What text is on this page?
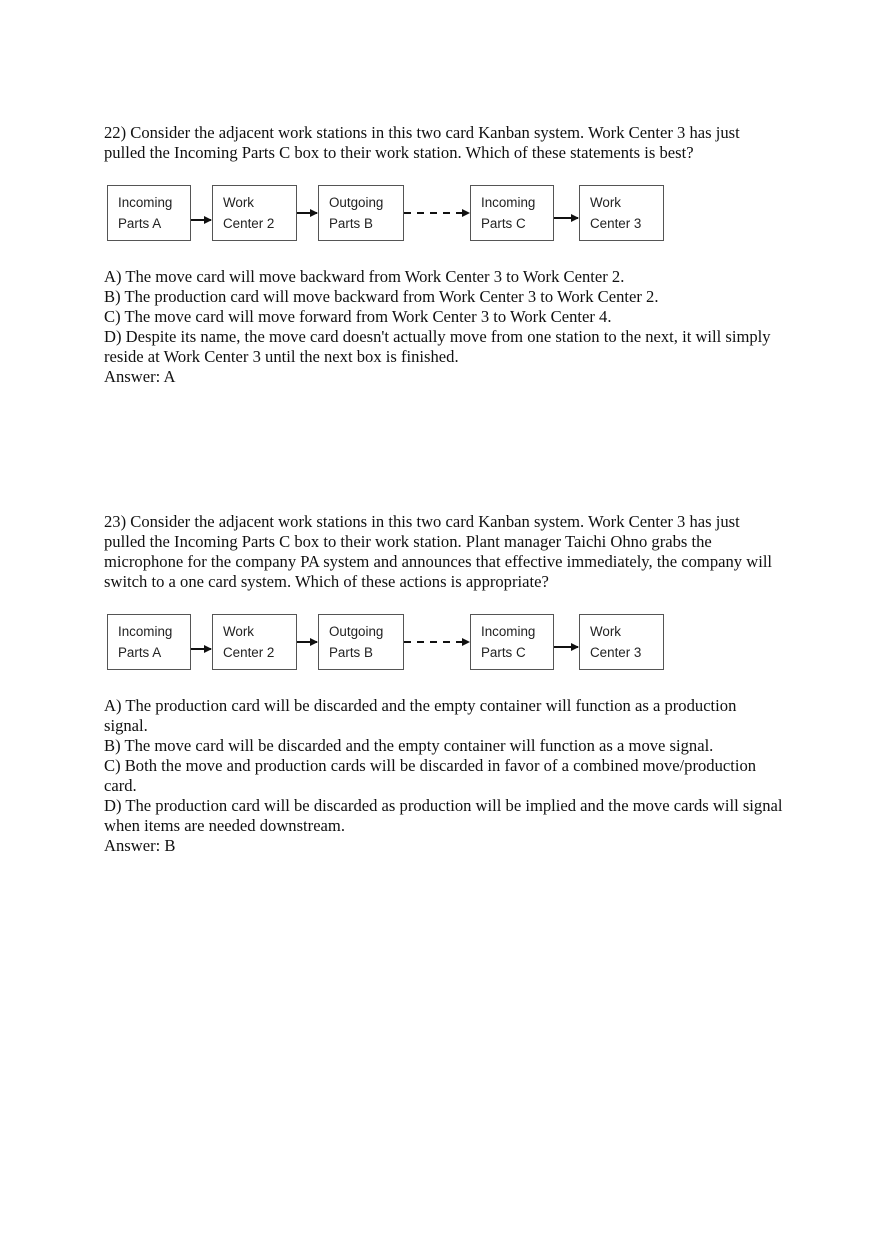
22) Consider the adjacent work stations in this two card Kanban system. Work Center 3 has just pulled the Incoming Parts C box to their work station. Which of these statements is best?

Incoming
Parts A
Work
Center 2
Outgoing
Parts B
Incoming
Parts C
Work
Center 3

A) The move card will move backward from Work Center 3 to Work Center 2.

B) The production card will move backward from Work Center 3 to Work Center 2.

C) The move card will move forward from Work Center 3 to Work Center 4.

D) Despite its name, the move card doesn't actually move from one station to the next, it will simply reside at Work Center 3 until the next box is finished.

Answer: A

23) Consider the adjacent work stations in this two card Kanban system. Work Center 3 has just pulled the Incoming Parts C box to their work station. Plant manager Taichi Ohno grabs the microphone for the company PA system and announces that effective immediately, the company will switch to a one card system. Which of these actions is appropriate?

Incoming
Parts A
Work
Center 2
Outgoing
Parts B
Incoming
Parts C
Work
Center 3

A) The production card will be discarded and the empty container will function as a production signal.

B) The move card will be discarded and the empty container will function as a move signal.

C) Both the move and production cards will be discarded in favor of a combined move/production card.

D) The production card will be discarded as production will be implied and the move cards will signal when items are needed downstream.

Answer: B
